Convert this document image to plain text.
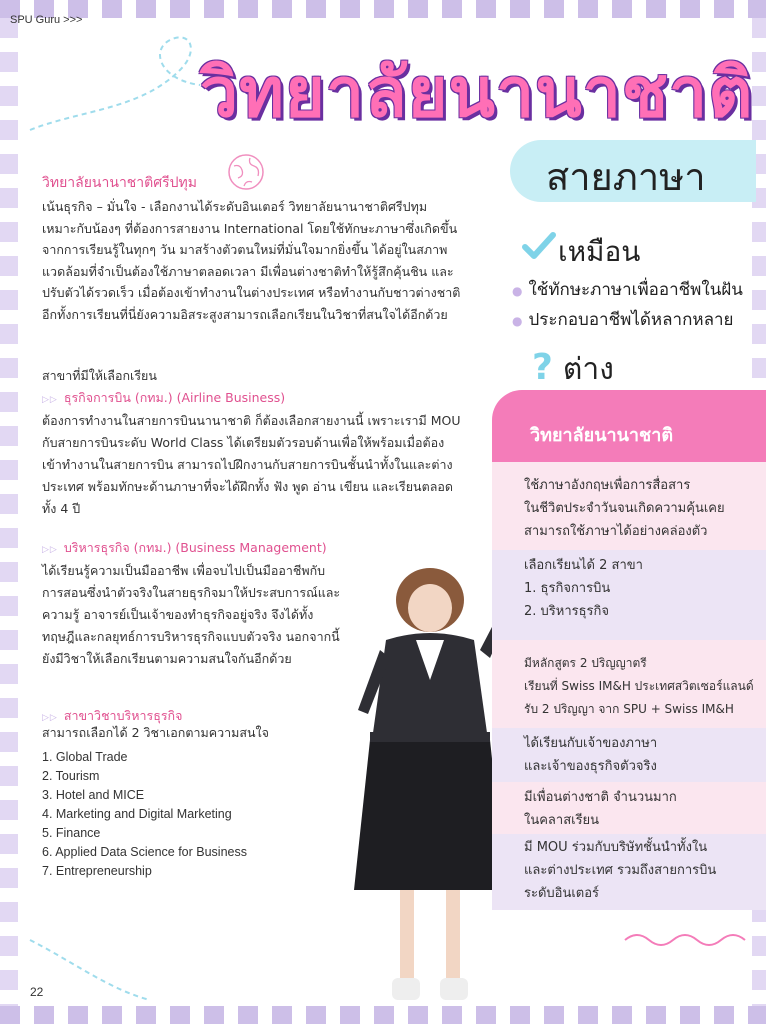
SPU Guru >>>
วิทยาลัยนานาชาติ
สายภาษา
วิทยาลัยนานาชาติศรีปทุม
เน้นธุรกิจ – มั่นใจ - เลือกงานได้ระดับอินเตอร์ วิทยาลัยนานาชาติศรีปทุม เหมาะกับน้องๆ ที่ต้องการสายงาน International โดยใช้ทักษะภาษาซึ่งเกิดขึ้นจากการเรียนรู้ในทุกๆ วัน มาสร้างตัวตนใหม่ที่มั่นใจมากยิ่งขึ้น ได้อยู่ในสภาพแวดล้อมที่จำเป็นต้องใช้ภาษาตลอดเวลา มีเพื่อนต่างชาติทำให้รู้สึกคุ้นชิน และปรับตัวได้รวดเร็ว เมื่อต้องเข้าทำงานในต่างประเทศ หรือทำงานกับชาวต่างชาติ อีกทั้งการเรียนที่นี่ยังความอิสระสูงสามารถเลือกเรียนในวิชาที่สนใจได้อีกด้วย
สาขาที่มีให้เลือกเรียน
▷▷ ธุรกิจการบิน (กทม.) (Airline Business)
ต้องการทำงานในสายการบินนานาชาติ ก็ต้องเลือกสายงานนี้ เพราะเรามี MOU กับสายการบินระดับ World Class ได้เตรียมตัวรอบด้านเพื่อให้พร้อมเมื่อต้องเข้าทำงานในสายการบิน สามารถไปฝึกงานกับสายการบินชั้นนำทั้งในและต่างประเทศ พร้อมทักษะด้านภาษาที่จะได้ฝึกทั้ง ฟัง พูด อ่าน เขียน และเรียนตลอดทั้ง 4 ปี
▷▷ บริหารธุรกิจ (กทม.) (Business Management)
ได้เรียนรู้ความเป็นมืออาชีพ เพื่อจบไปเป็นมืออาชีพกับการสอนซึ่งนำตัวจริงในสายธุรกิจมาให้ประสบการณ์และความรู้ อาจารย์เป็นเจ้าของทำธุรกิจอยู่จริง จึงได้ทั้งทฤษฎีและกลยุทธ์การบริหารธุรกิจแบบตัวจริง นอกจากนี้ยังมีวิชาให้เลือกเรียนตามความสนใจกันอีกด้วย
▷▷ สาขาวิชาบริหารธุรกิจ
สามารถเลือกได้ 2 วิชาเอกตามความสนใจ
1. Global Trade
2. Tourism
3. Hotel and MICE
4. Marketing and Digital Marketing
5. Finance
6. Applied Data Science for Business
7. Entrepreneurship
เหมือน
● ใช้ทักษะภาษาเพื่ออาชีพในฝัน
● ประกอบอาชีพได้หลากหลาย
? ต่าง
วิทยาลัยนานาชาติ
ใช้ภาษาอังกฤษเพื่อการสื่อสาร
ในชีวิตประจำวันจนเกิดความคุ้นเคย
สามารถใช้ภาษาได้อย่างคล่องตัว
เลือกเรียนได้ 2 สาขา
1. ธุรกิจการบิน
2. บริหารธุรกิจ
มีหลักสูตร 2 ปริญญาตรี
เรียนที่ Swiss IM&H ประเทศสวิตเซอร์แลนด์
รับ 2 ปริญญา จาก SPU + Swiss IM&H
ได้เรียนกับเจ้าของภาษา
และเจ้าของธุรกิจตัวจริง
มีเพื่อนต่างชาติ จำนวนมาก
ในคลาสเรียน
มี MOU ร่วมกับบริษัทชั้นนำทั้งใน
และต่างประเทศ รวมถึงสายการบิน
ระดับอินเตอร์
22
